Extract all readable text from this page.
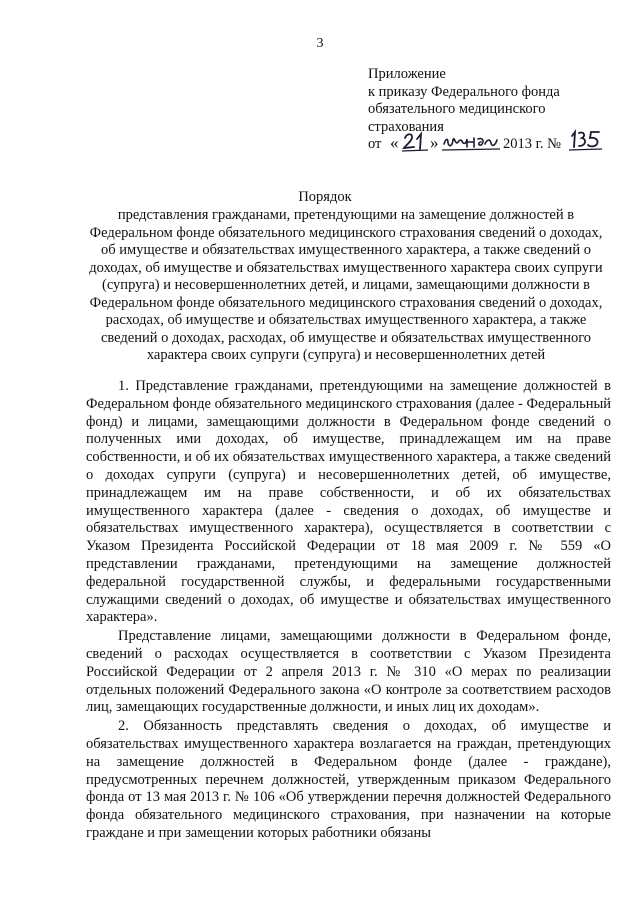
3
Приложение
к приказу Федерального фонда
обязательного медицинского
страхования
от « »	2013 г. №
Порядок
представления гражданами, претендующими на замещение должностей в Федеральном фонде обязательного медицинского страхования сведений о доходах, об имуществе и обязательствах имущественного характера, а также сведений о доходах, об имуществе и обязательствах имущественного характера своих супруги (супруга) и несовершеннолетних детей, и лицами, замещающими должности в Федеральном фонде обязательного медицинского страхования сведений о доходах, расходах, об имуществе и обязательствах имущественного характера, а также сведений о доходах, расходах, об имуществе и обязательствах имущественного характера своих супруги (супруга) и несовершеннолетних детей

1. Представление гражданами, претендующими на замещение должностей в Федеральном фонде обязательного медицинского страхования (далее - Федеральный фонд) и лицами, замещающими должности в Федеральном фонде сведений о полученных ими доходах, об имуществе, принадлежащем им на праве собственности, и об их обязательствах имущественного характера, а также сведений о доходах супруги (супруга) и несовершеннолетних детей, об имуществе, принадлежащем им на праве собственности, и об их обязательствах имущественного характера (далее - сведения о доходах, об имуществе и обязательствах имущественного характера), осуществляется в соответствии с Указом Президента Российской Федерации от 18 мая 2009 г. № 559 «О представлении гражданами, претендующими на замещение должностей федеральной государственной службы, и федеральными государственными служащими сведений о доходах, об имуществе и обязательствах имущественного характера».

Представление лицами, замещающими должности в Федеральном фонде, сведений о расходах осуществляется в соответствии с Указом Президента Российской Федерации от 2 апреля 2013 г. № 310 «О мерах по реализации отдельных положений Федерального закона «О контроле за соответствием расходов лиц, замещающих государственные должности, и иных лиц их доходам».

2. Обязанность представлять сведения о доходах, об имуществе и обязательствах имущественного характера возлагается на граждан, претендующих на замещение должностей в Федеральном фонде (далее - граждане), предусмотренных перечнем должностей, утвержденным приказом Федерального фонда от 13 мая 2013 г. № 106 «Об утверждении перечня должностей Федерального фонда обязательного медицинского страхования, при назначении на которые граждане и при замещении которых работники обязаны
